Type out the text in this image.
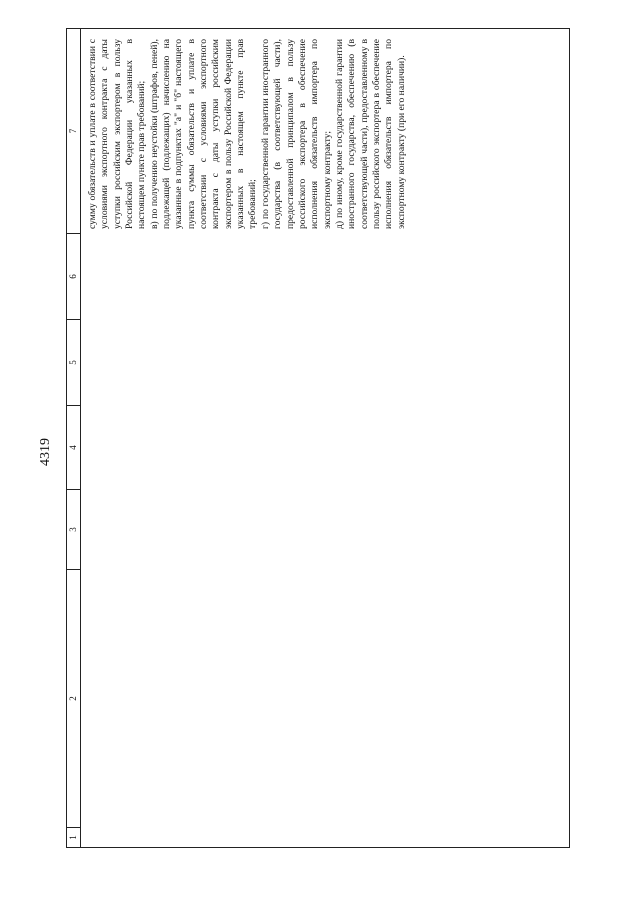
4319
1
2
3
4
5
6
7 сумму обязательств и уплате в соответствии с условиями экспортного контракта с даты уступки российским экспортером в пользу Российской Федерации указанных в настоящем пункте прав требований; в) по получению неустойки (штрафов, пеней), подлежащей (подлежащих) начислению на указанные в подпунктах "а" и "б" настоящего пункта суммы обязательств и уплате в соответствии с условиями экспортного контракта с даты уступки российским экспортером в пользу Российской Федерации указанных в настоящем пункте прав требований; г) по государственной гарантии иностранного государства (в соответствующей части), предоставленной принципалом в пользу российского экспортера в обеспечение исполнения обязательств импортера по экспортному контракту; д) по иному, кроме государственной гарантии иностранного государства, обеспечению (в соответствующей части), предоставленному в пользу российского экспортера в обеспечение исполнения обязательств импортера по экспортному контракту (при его наличии).
